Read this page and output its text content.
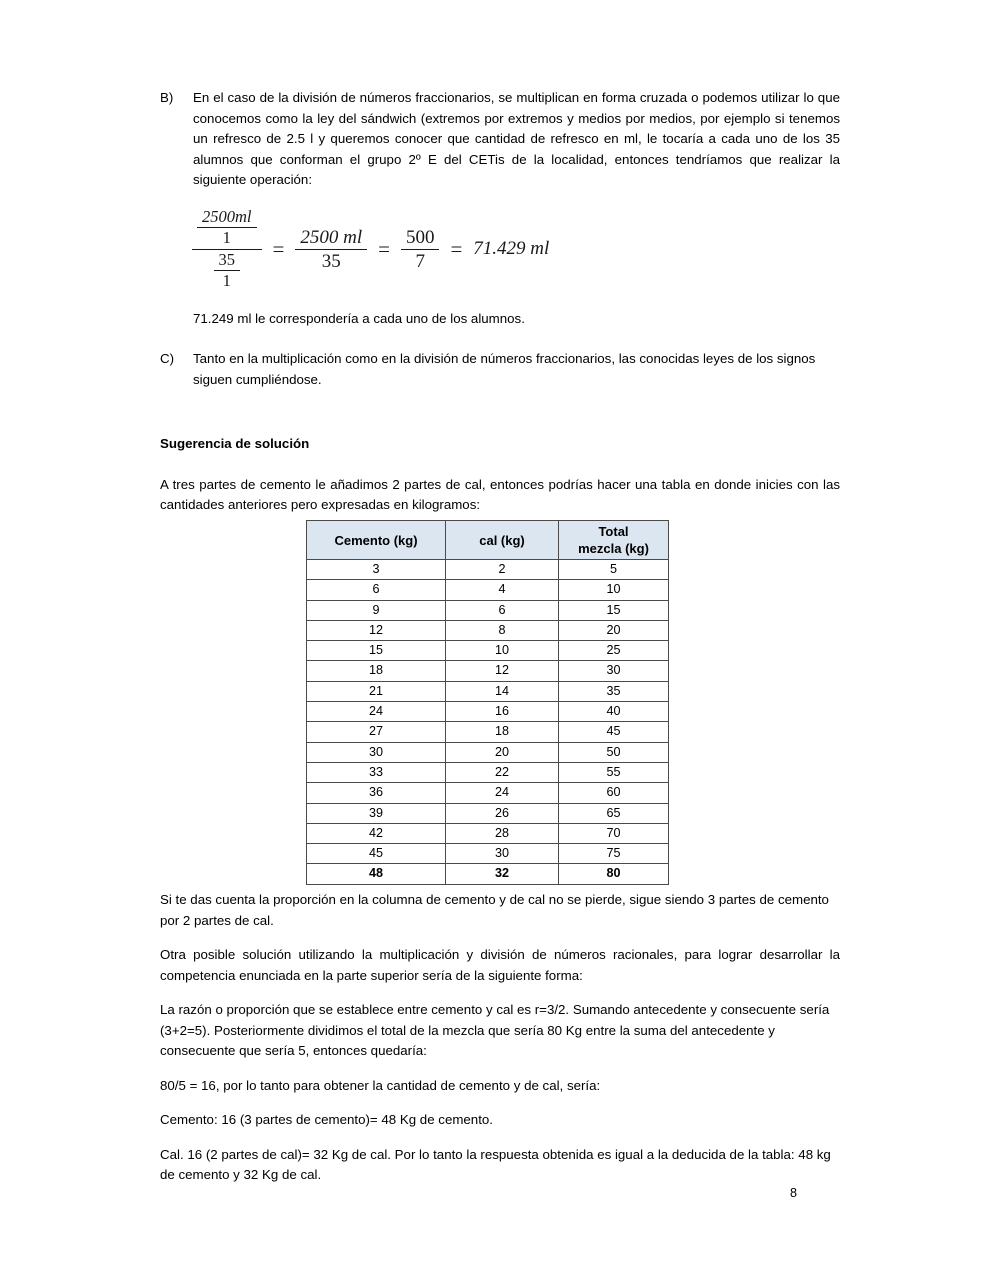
B)	En el caso de la división de números fraccionarios, se multiplican en forma cruzada o podemos utilizar lo que conocemos como la ley del sándwich (extremos por extremos y medios por medios, por ejemplo si tenemos un refresco de 2.5 l y queremos conocer que cantidad de refresco en ml, le tocaría a cada uno de los 35 alumnos que conforman el grupo 2º E del CETis de la localidad, entonces tendríamos que realizar la siguiente operación:
71.249 ml le correspondería a cada uno de los alumnos.
C)	Tanto en la multiplicación como en la división de números fraccionarios, las conocidas leyes de los signos siguen cumpliéndose.
Sugerencia de solución

A tres partes de cemento le añadimos 2 partes de cal, entonces podrías hacer una tabla en donde inicies con las cantidades anteriores pero expresadas en kilogramos:

$\frac{\frac{2500ml}{1}}{\frac{35}{1}} = \frac{2500 ml}{35} = \frac{500}{7} = 71.429$ ml
Cemento (kg)	cal (kg)	Total
mezcla (kg)
3	2	5
6	4	10
9	6	15
12	8	20
15	10	25
18	12	30
21	14	35
24	16	40
27	18	45
30	20	50
33	22	55
36	24	60
39	26	65
42	28	70
45	30	75
48	32	80

Si te das cuenta la proporción en la columna de cemento y de cal no se pierde, sigue siendo 3 partes de cemento por 2 partes de cal.

Otra posible solución utilizando la multiplicación y división de números racionales, para lograr desarrollar la competencia enunciada en la parte superior sería de la siguiente forma:

La razón o proporción que se establece entre cemento y cal es r=3/2. Sumando antecedente y consecuente sería (3+2=5). Posteriormente dividimos el total de la mezcla que sería 80 Kg entre la suma del antecedente y consecuente que sería 5, entonces quedaría:

80/5 = 16, por lo tanto para obtener la cantidad de cemento y de cal, sería:

Cemento: 16 (3 partes de cemento)= 48 Kg de cemento.

Cal. 16 (2 partes de cal)= 32 Kg de cal. Por lo tanto la respuesta obtenida es igual a la deducida de la tabla: 48 kg de cemento y 32 Kg de cal.

8
